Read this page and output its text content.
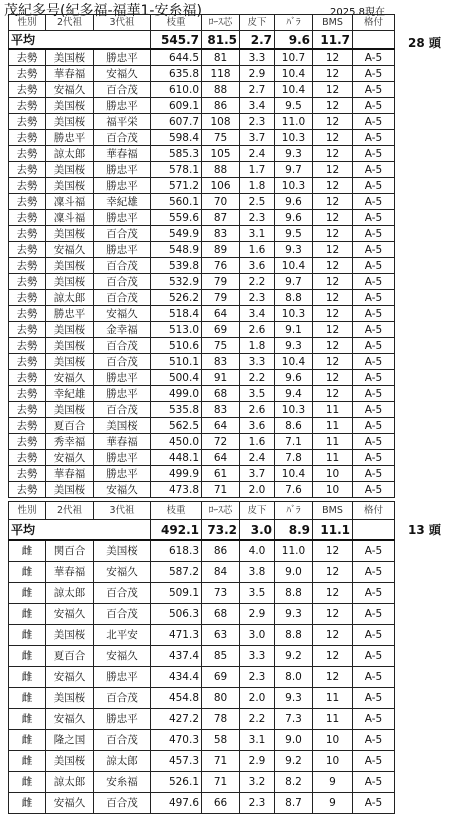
茂紀多号(紀多福-福華1-安糸福)	2025.8現在
性別	2代祖	3代祖	枝重	ﾛｰｽ芯	皮下	ﾊﾞﾗ	BMS	格付
平均			545.7	81.5	2.7	9.6	11.7	
去勢	美国桜	勝忠平	644.5	81	3.3	10.7	12	A-5
去勢	華春福	安福久	635.8	118	2.9	10.4	12	A-5
去勢	安福久	百合茂	610.0	88	2.7	10.4	12	A-5
去勢	美国桜	勝忠平	609.1	86	3.4	9.5	12	A-5
去勢	美国桜	福平栄	607.7	108	2.3	11.0	12	A-5
去勢	勝忠平	百合茂	598.4	75	3.7	10.3	12	A-5
去勢	諒太郎	華春福	585.3	105	2.4	9.3	12	A-5
去勢	美国桜	勝忠平	578.1	88	1.7	9.7	12	A-5
去勢	美国桜	勝忠平	571.2	106	1.8	10.3	12	A-5
去勢	凜斗福	幸紀雄	560.1	70	2.5	9.6	12	A-5
去勢	凜斗福	勝忠平	559.6	87	2.3	9.6	12	A-5
去勢	美国桜	百合茂	549.9	83	3.1	9.5	12	A-5
去勢	安福久	勝忠平	548.9	89	1.6	9.3	12	A-5
去勢	美国桜	百合茂	539.8	76	3.6	10.4	12	A-5
去勢	美国桜	百合茂	532.9	79	2.2	9.7	12	A-5
去勢	諒太郎	百合茂	526.2	79	2.3	8.8	12	A-5
去勢	勝忠平	安福久	518.4	64	3.4	10.3	12	A-5
去勢	美国桜	金幸福	513.0	69	2.6	9.1	12	A-5
去勢	美国桜	百合茂	510.6	75	1.8	9.3	12	A-5
去勢	美国桜	百合茂	510.1	83	3.3	10.4	12	A-5
去勢	安福久	勝忠平	500.4	91	2.2	9.6	12	A-5
去勢	幸紀雄	勝忠平	499.0	68	3.5	9.4	12	A-5
去勢	美国桜	百合茂	535.8	83	2.6	10.3	11	A-5
去勢	夏百合	美国桜	562.5	64	3.6	8.6	11	A-5
去勢	秀幸福	華春福	450.0	72	1.6	7.1	11	A-5
去勢	安福久	勝忠平	448.1	64	2.4	7.8	11	A-5
去勢	華春福	勝忠平	499.9	61	3.7	10.4	10	A-5
去勢	美国桜	安福久	473.8	71	2.0	7.6	10	A-5
28 頭
性別	2代祖	3代祖	枝重	ﾛｰｽ芯	皮下	ﾊﾞﾗ	BMS	格付
平均			492.1	73.2	3.0	8.9	11.1	
雌	関百合	美国桜	618.3	86	4.0	11.0	12	A-5
雌	華春福	安福久	587.2	84	3.8	9.0	12	A-5
雌	諒太郎	百合茂	509.1	73	3.5	8.8	12	A-5
雌	安福久	百合茂	506.3	68	2.9	9.3	12	A-5
雌	美国桜	北平安	471.3	63	3.0	8.8	12	A-5
雌	夏百合	安福久	437.4	85	3.3	9.2	12	A-5
雌	安福久	勝忠平	434.4	69	2.3	8.0	12	A-5
雌	美国桜	百合茂	454.8	80	2.0	9.3	11	A-5
雌	安福久	勝忠平	427.2	78	2.2	7.3	11	A-5
雌	隆之国	百合茂	470.3	58	3.1	9.0	10	A-5
雌	美国桜	諒太郎	457.3	71	2.9	9.2	10	A-5
雌	諒太郎	安糸福	526.1	71	3.2	8.2	9	A-5
雌	安福久	百合茂	497.6	66	2.3	8.7	9	A-5
13 頭
